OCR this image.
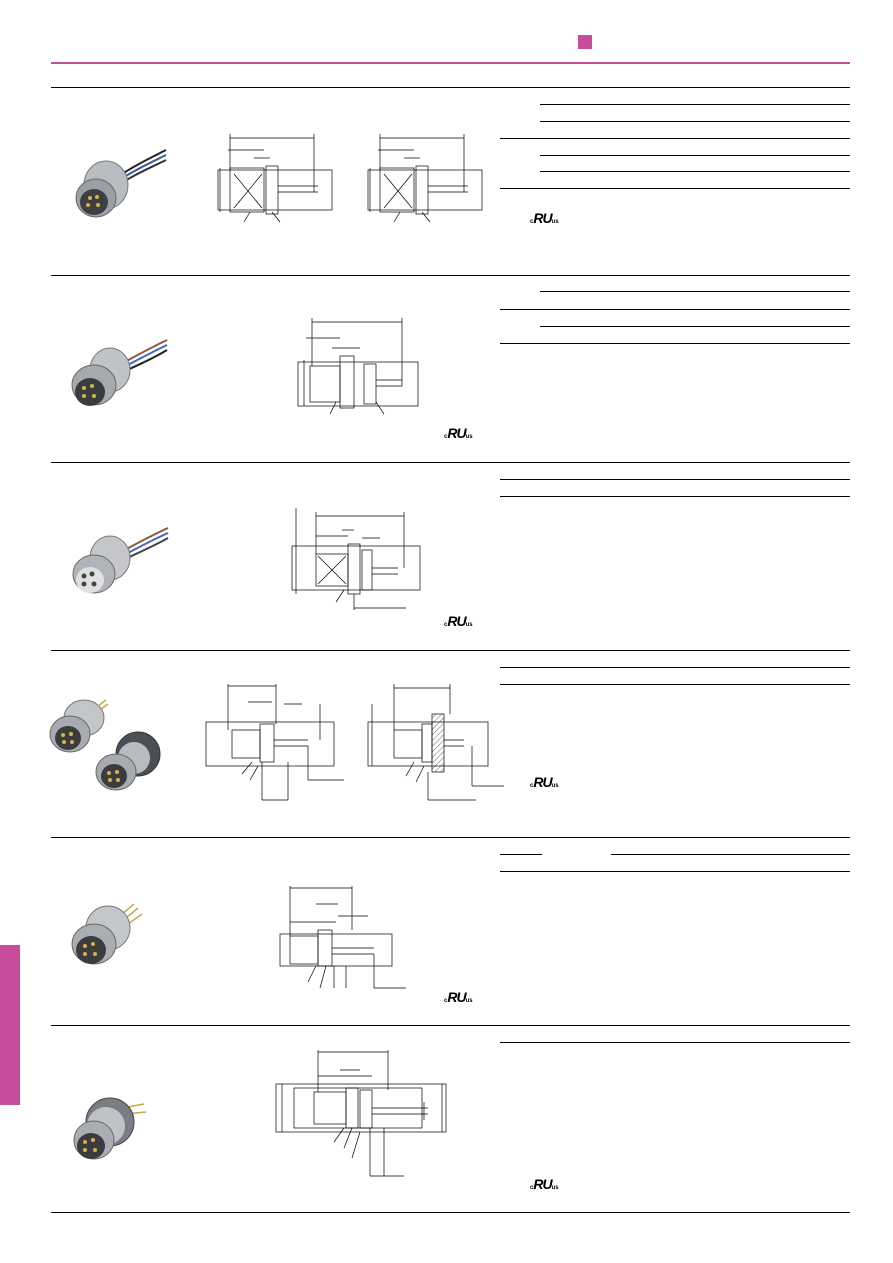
cRUus
cRUus
cRUus
cRUus
cRUus
cRUus
